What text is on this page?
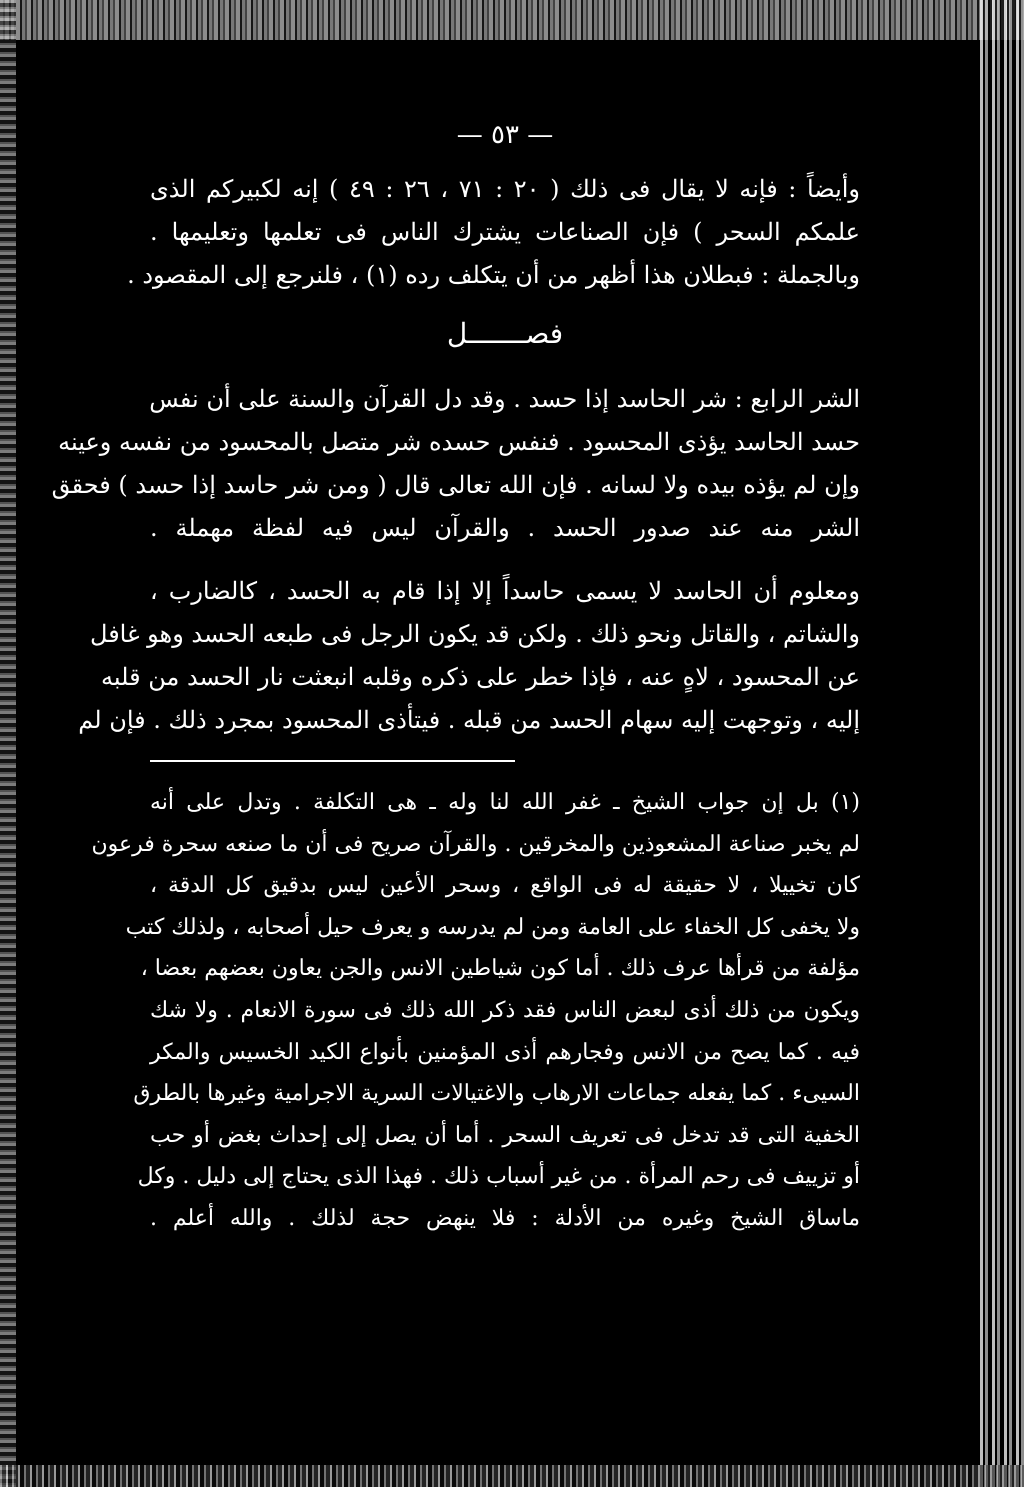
— ٥٣ —
وأيضاً : فإنه لا يقال فى ذلك ( ٢٠ : ٧١ ، ٢٦ : ٤٩ ) إنه لكبيركم الذى
علمكم السحر ) فإن الصناعات يشترك الناس فى تعلمها وتعليمها .
وبالجملة : فبطلان هذا أظهر من أن يتكلف رده (١) ، فلنرجع إلى المقصود .
فصـــــــل
الشر الرابع : شر الحاسد إذا حسد . وقد دل القرآن والسنة على أن نفس
حسد الحاسد يؤذى المحسود . فنفس حسده شر متصل بالمحسود من نفسه وعينه
وإن لم يؤذه بيده ولا لسانه . فإن الله تعالى قال ( ومن شر حاسد إذا حسد ) فحقق
الشر منه عند صدور الحسد . والقرآن ليس فيه لفظة مهملة .
ومعلوم أن الحاسد لا يسمى حاسداً إلا إذا قام به الحسد ، كالضارب ،
والشاتم ، والقاتل ونحو ذلك . ولكن قد يكون الرجل فى طبعه الحسد وهو غافل
عن المحسود ، لاهٍ عنه ، فإذا خطر على ذكره وقلبه انبعثت نار الحسد من قلبه
إليه ، وتوجهت إليه سهام الحسد من قبله . فيتأذى المحسود بمجرد ذلك . فإن لم
(١) بل إن جواب الشيخ ـ غفر الله لنا وله ـ هى التكلفة . وتدل على أنه
لم يخبر صناعة المشعوذين والمخرقين . والقرآن صريح فى أن ما صنعه سحرة فرعون
كان تخييلا ، لا حقيقة له فى الواقع ، وسحر الأعين ليس بدقيق كل الدقة ،
ولا يخفى كل الخفاء على العامة ومن لم يدرسه و يعرف حيل أصحابه ، ولذلك كتب
مؤلفة من قرأها عرف ذلك . أما كون شياطين الانس والجن يعاون بعضهم بعضا ،
ويكون من ذلك أذى لبعض الناس فقد ذكر الله ذلك فى سورة الانعام . ولا شك
فيه . كما يصح من الانس وفجارهم أذى المؤمنين بأنواع الكيد الخسيس والمكر
السيىء . كما يفعله جماعات الارهاب والاغتيالات السرية الاجرامية وغيرها بالطرق
الخفية التى قد تدخل فى تعريف السحر . أما أن يصل إلى إحداث بغض أو حب
أو تزييف فى رحم المرأة . من غير أسباب ذلك . فهذا الذى يحتاج إلى دليل . وكل
ماساق الشيخ وغيره من الأدلة : فلا ينهض حجة لذلك . والله أعلم .
